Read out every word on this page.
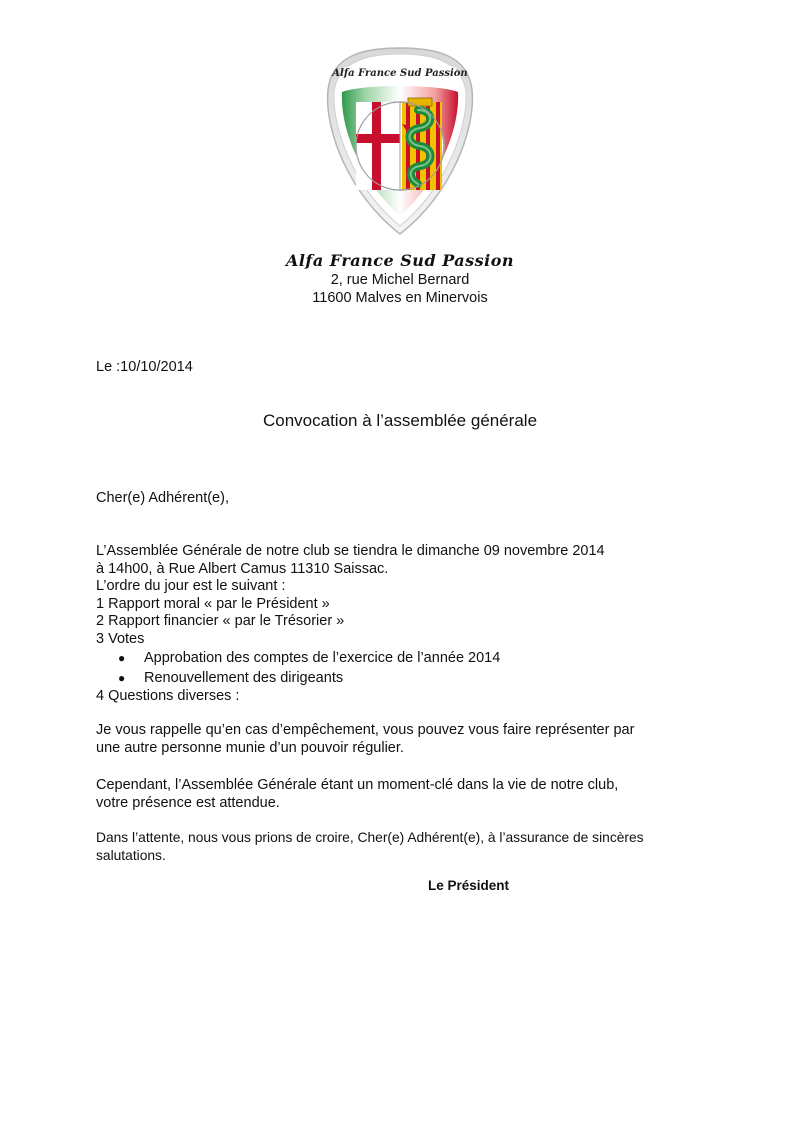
Alfa France Sud Passion
Alfa France Sud Passion
2, rue Michel Bernard
11600 Malves en Minervois
Le :10/10/2014
Convocation à l’assemblée générale
Cher(e) Adhérent(e),
L’Assemblée Générale de notre club se tiendra le dimanche 09 novembre 2014
à 14h00, à Rue Albert Camus 11310 Saissac.
L’ordre du jour est le suivant :
1 Rapport moral « par le Président »
2 Rapport financier « par le Trésorier »
3 Votes
● Approbation des comptes de l’exercice de l’année 2014
● Renouvellement des dirigeants
4 Questions diverses :
Je vous rappelle qu’en cas d’empêchement, vous pouvez vous faire représenter par
une autre personne munie d’un pouvoir régulier.
Cependant, l’Assemblée Générale étant un moment-clé dans la vie de notre club,
votre présence est attendue.
Dans l’attente, nous vous prions de croire, Cher(e) Adhérent(e), à l’assurance de sincères
salutations.
Le Président
